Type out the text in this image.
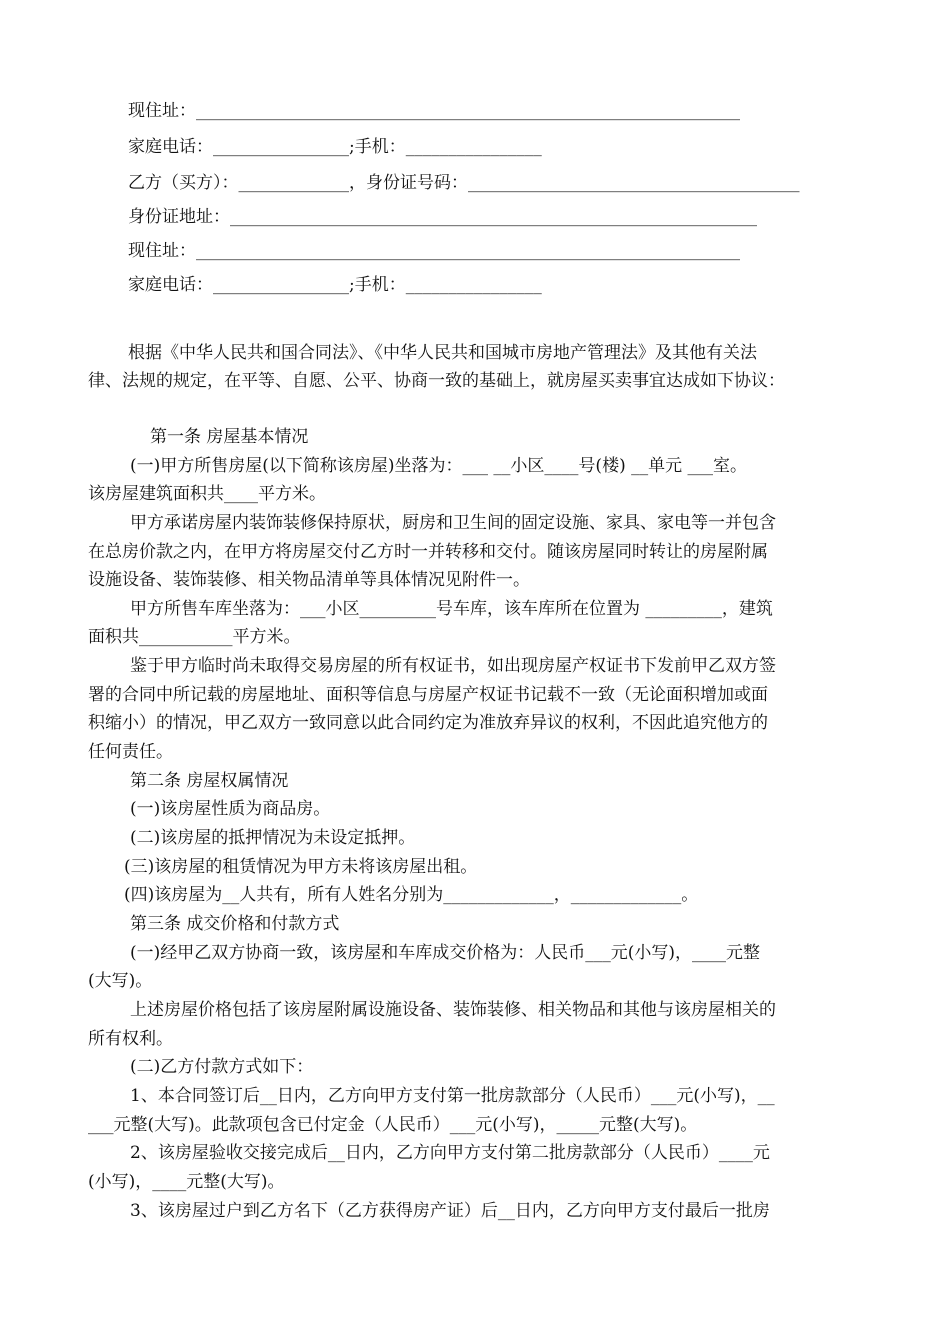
现住址：________________________________________________________________
家庭电话：________________;手机：________________
乙方（买方）：_____________，身份证号码：_______________________________________
身份证地址：______________________________________________________________
现住址：________________________________________________________________
家庭电话：________________;手机：________________
根据《中华人民共和国合同法》、《中华人民共和国城市房地产管理法》及其他有关法
律、法规的规定，在平等、自愿、公平、协商一致的基础上，就房屋买卖事宜达成如下协议：
第一条 房屋基本情况
(一)甲方所售房屋(以下简称该房屋)坐落为：___ __小区____号(楼) __单元 ___室。
该房屋建筑面积共____平方米。
甲方承诺房屋内装饰装修保持原状，厨房和卫生间的固定设施、家具、家电等一并包含
在总房价款之内，在甲方将房屋交付乙方时一并转移和交付。随该房屋同时转让的房屋附属
设施设备、装饰装修、相关物品清单等具体情况见附件一。
甲方所售车库坐落为：___小区_________号车库，该车库所在位置为 _________，建筑
面积共___________平方米。
鉴于甲方临时尚未取得交易房屋的所有权证书，如出现房屋产权证书下发前甲乙双方签
署的合同中所记载的房屋地址、面积等信息与房屋产权证书记载不一致（无论面积增加或面
积缩小）的情况，甲乙双方一致同意以此合同约定为准放弃异议的权利，不因此追究他方的
任何责任。
第二条 房屋权属情况
(一)该房屋性质为商品房。
(二)该房屋的抵押情况为未设定抵押。
(三)该房屋的租赁情况为甲方未将该房屋出租。
(四)该房屋为__人共有，所有人姓名分别为_____________，_____________。
第三条 成交价格和付款方式
(一)经甲乙双方协商一致，该房屋和车库成交价格为：人民币___元(小写)，____元整
(大写)。
上述房屋价格包括了该房屋附属设施设备、装饰装修、相关物品和其他与该房屋相关的
所有权利。
(二)乙方付款方式如下：
1、本合同签订后__日内，乙方向甲方支付第一批房款部分（人民币）___元(小写)，__
___元整(大写)。此款项包含已付定金（人民币）___元(小写)，_____元整(大写)。
2、该房屋验收交接完成后__日内，乙方向甲方支付第二批房款部分（人民币）____元
(小写)，____元整(大写)。
3、该房屋过户到乙方名下（乙方获得房产证）后__日内，乙方向甲方支付最后一批房
